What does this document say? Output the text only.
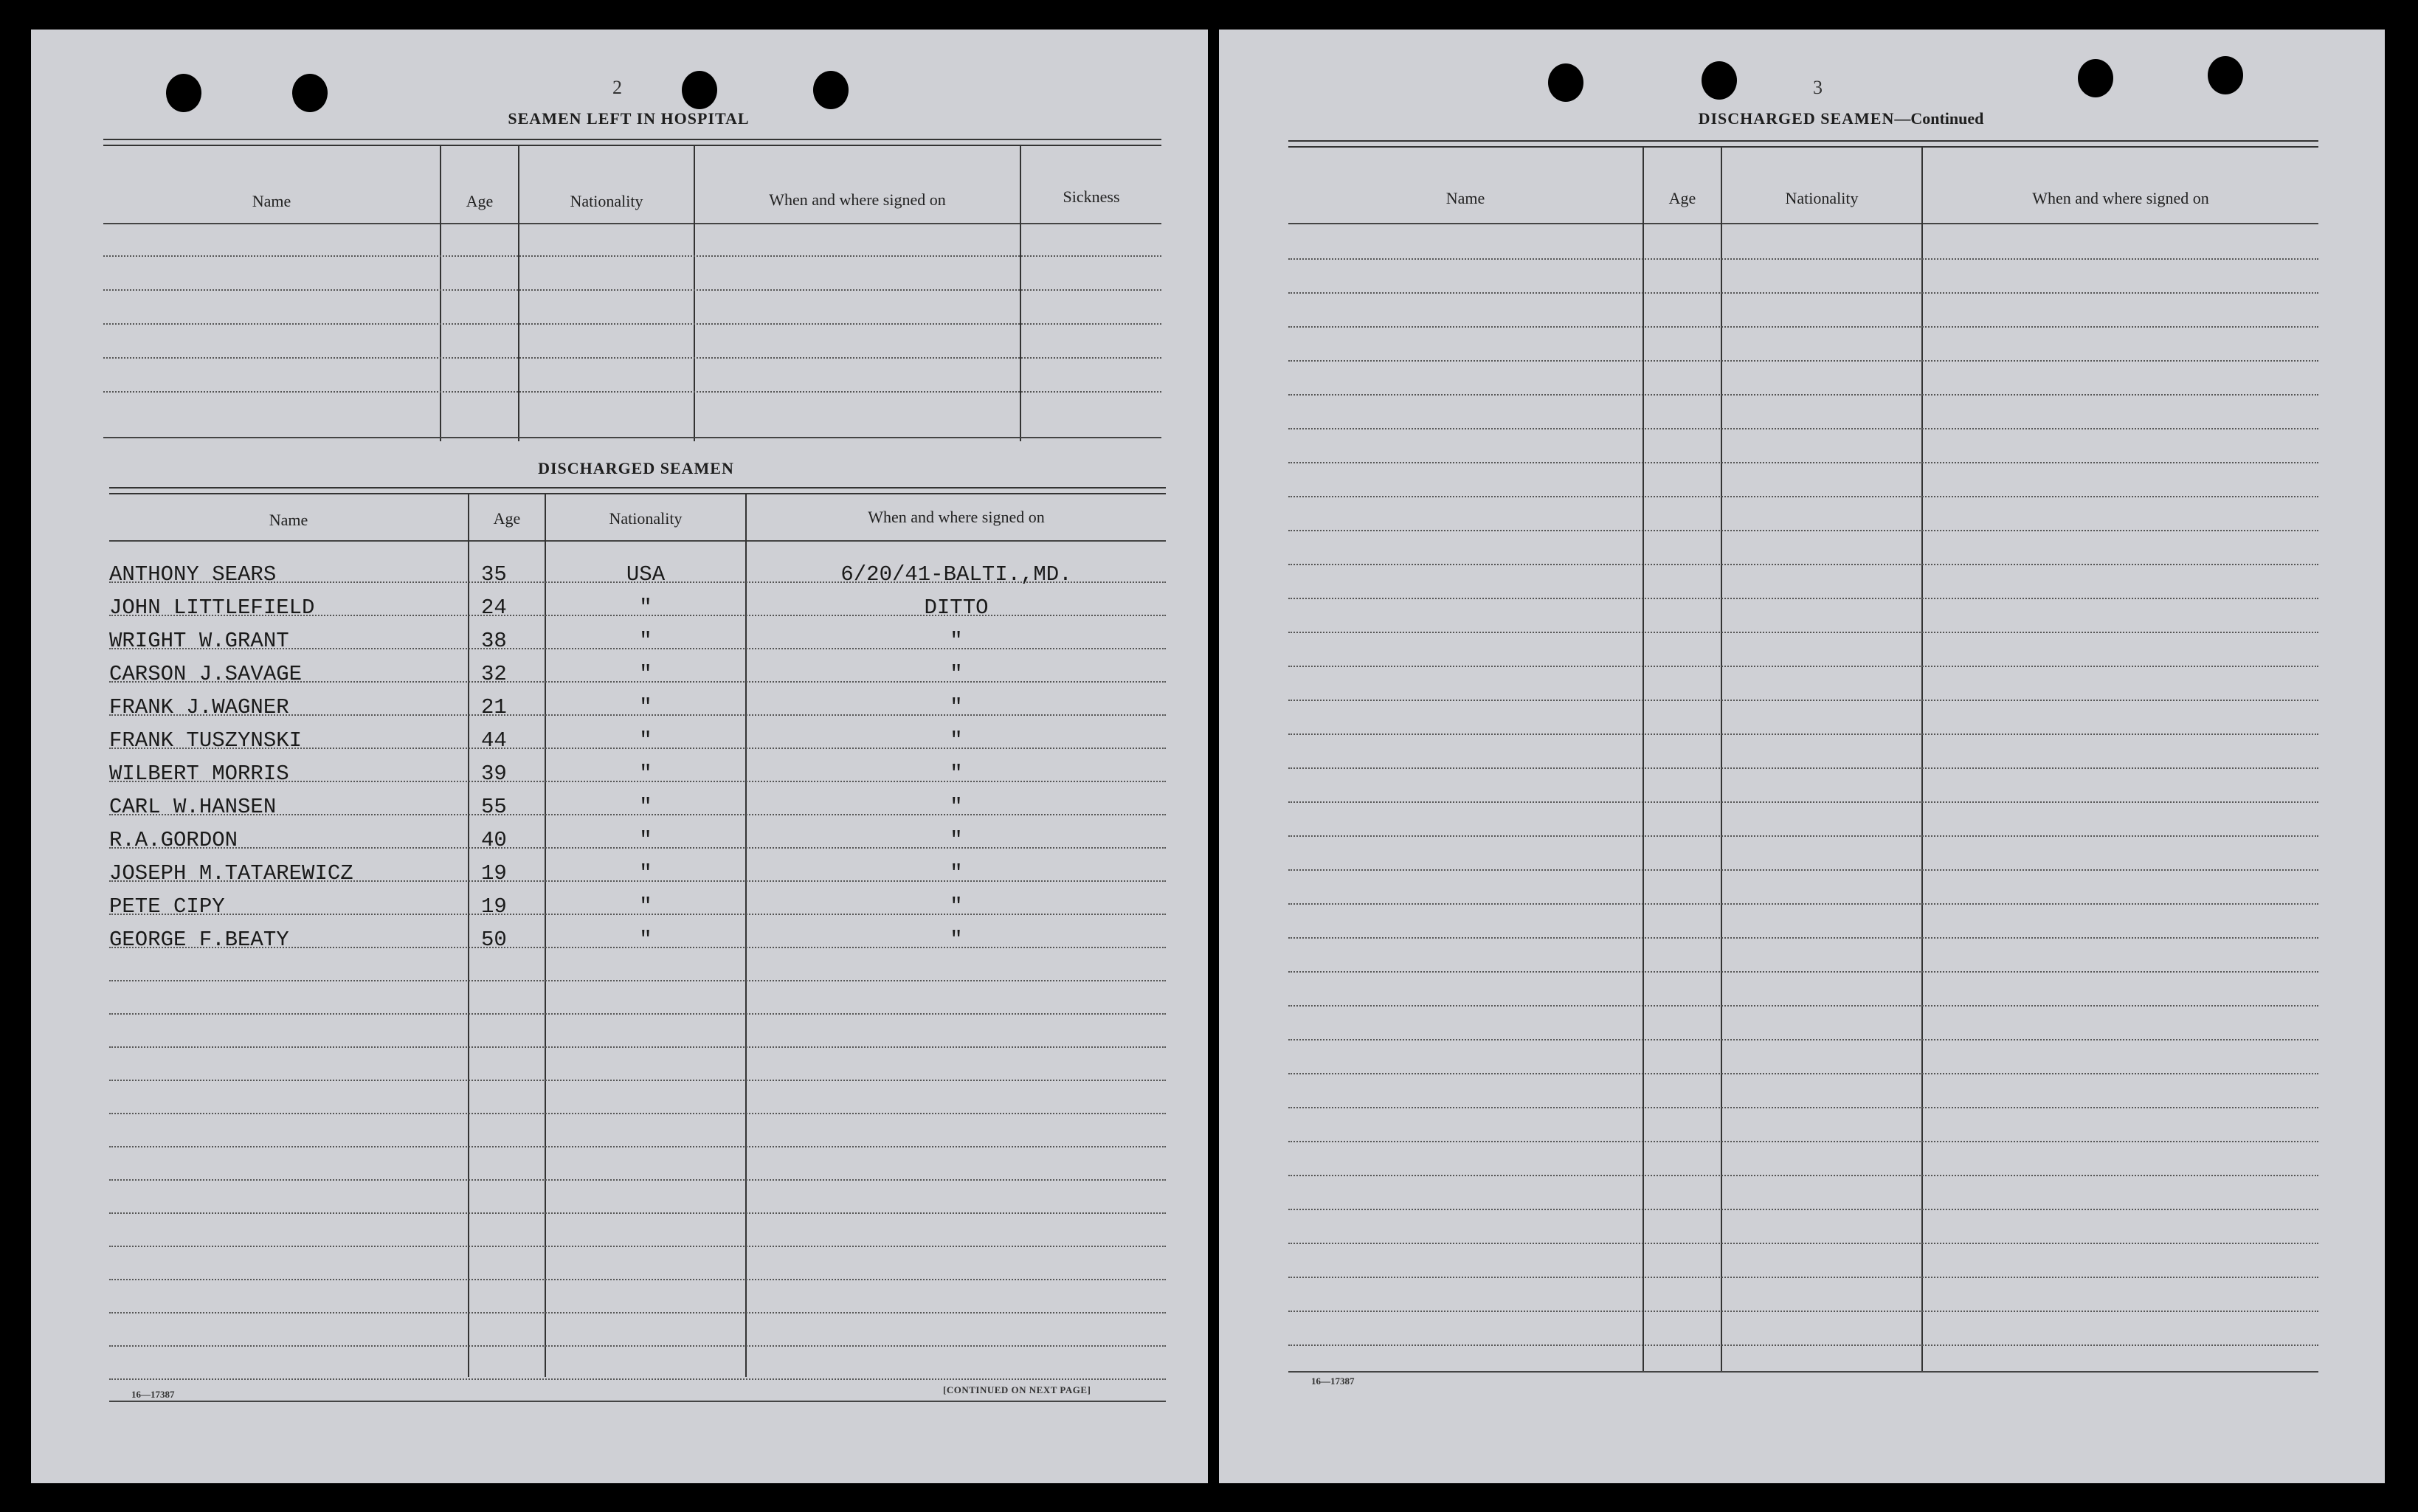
2
SEAMEN LEFT IN HOSPITAL
Name	Age	Nationality	When and where signed on	Sickness
DISCHARGED SEAMEN
Name	Age	Nationality	When and where signed on
ANTHONY SEARS	35	USA	6/20/41-BALTI.,MD.
JOHN LITTLEFIELD	24	"	DITTO
WRIGHT W.GRANT	38	"	"
CARSON J.SAVAGE	32	"	"
FRANK J.WAGNER	21	"	"
FRANK TUSZYNSKI	44	"	"
WILBERT MORRIS	39	"	"
CARL W.HANSEN	55	"	"
R.A.GORDON	40	"	"
JOSEPH M.TATAREWICZ	19	"	"
PETE CIPY	19	"	"
GEORGE F.BEATY	50	"	"
16—17387	[CONTINUED ON NEXT PAGE]
3
DISCHARGED SEAMEN—Continued
Name	Age	Nationality	When and where signed on
16—17387
